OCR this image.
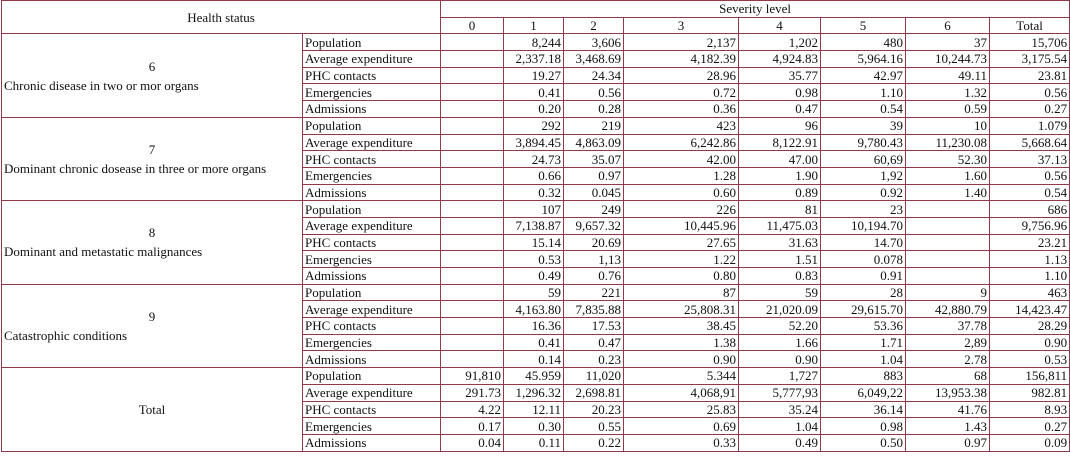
Health status		Severity level							
		0	1	2	3	4	5	6	Total

6
Chronic disease in two or mor organs	Population		8,244	3,606	2,137	1,202	480	37	15,706
	Average expenditure		2,337.18	3,468.69	4,182.39	4,924.83	5,964.16	10,244.73	3,175.54
	PHC contacts		19.27	24.34	28.96	35.77	42.97	49.11	23.81
	Emergencies		0.41	0.56	0.72	0.98	1.10	1.32	0.56
	Admissions		0.20	0.28	0.36	0.47	0.54	0.59	0.27

7
Dominant chronic dosease in three or more organs	Population		292	219	423	96	39	10	1.079
	Average expenditure		3,894.45	4,863.09	6,242.86	8,122.91	9,780.43	11,230.08	5,668.64
	PHC contacts		24.73	35.07	42.00	47.00	60,69	52.30	37.13
	Emergencies		0.66	0.97	1.28	1.90	1,92	1.60	0.56
	Admissions		0.32	0.045	0.60	0.89	0.92	1.40	0.54

8
Dominant and metastatic malignances	Population		107	249	226	81	23		686
	Average expenditure		7,138.87	9,657.32	10,445.96	11,475.03	10,194.70		9,756.96
	PHC contacts		15.14	20.69	27.65	31.63	14.70		23.21
	Emergencies		0.53	1,13	1.22	1.51	0.078		1.13
	Admissions		0.49	0.76	0.80	0.83	0.91		1.10

9
Catastrophic conditions	Population		59	221	87	59	28	9	463
	Average expenditure		4,163.80	7,835.88	25,808.31	21,020.09	29,615.70	42,880.79	14,423.47
	PHC contacts		16.36	17.53	38.45	52.20	53.36	37.78	28.29
	Emergencies		0.41	0.47	1.38	1.66	1.71	2,89	0.90
	Admissions		0.14	0.23	0.90	0.90	1.04	2.78	0.53
Total	Population	91,810	45.959	11,020	5.344	1,727	883	68	156,811
	Average expenditure	291.73	1,296.32	2,698.81	4,068,91	5,777,93	6,049,22	13,953.38	982.81
	PHC contacts	4.22	12.11	20.23	25.83	35.24	36.14	41.76	8.93
	Emergencies	0.17	0.30	0.55	0.69	1.04	0.98	1.43	0.27
	Admissions	0.04	0.11	0.22	0.33	0.49	0.50	0.97	0.09
